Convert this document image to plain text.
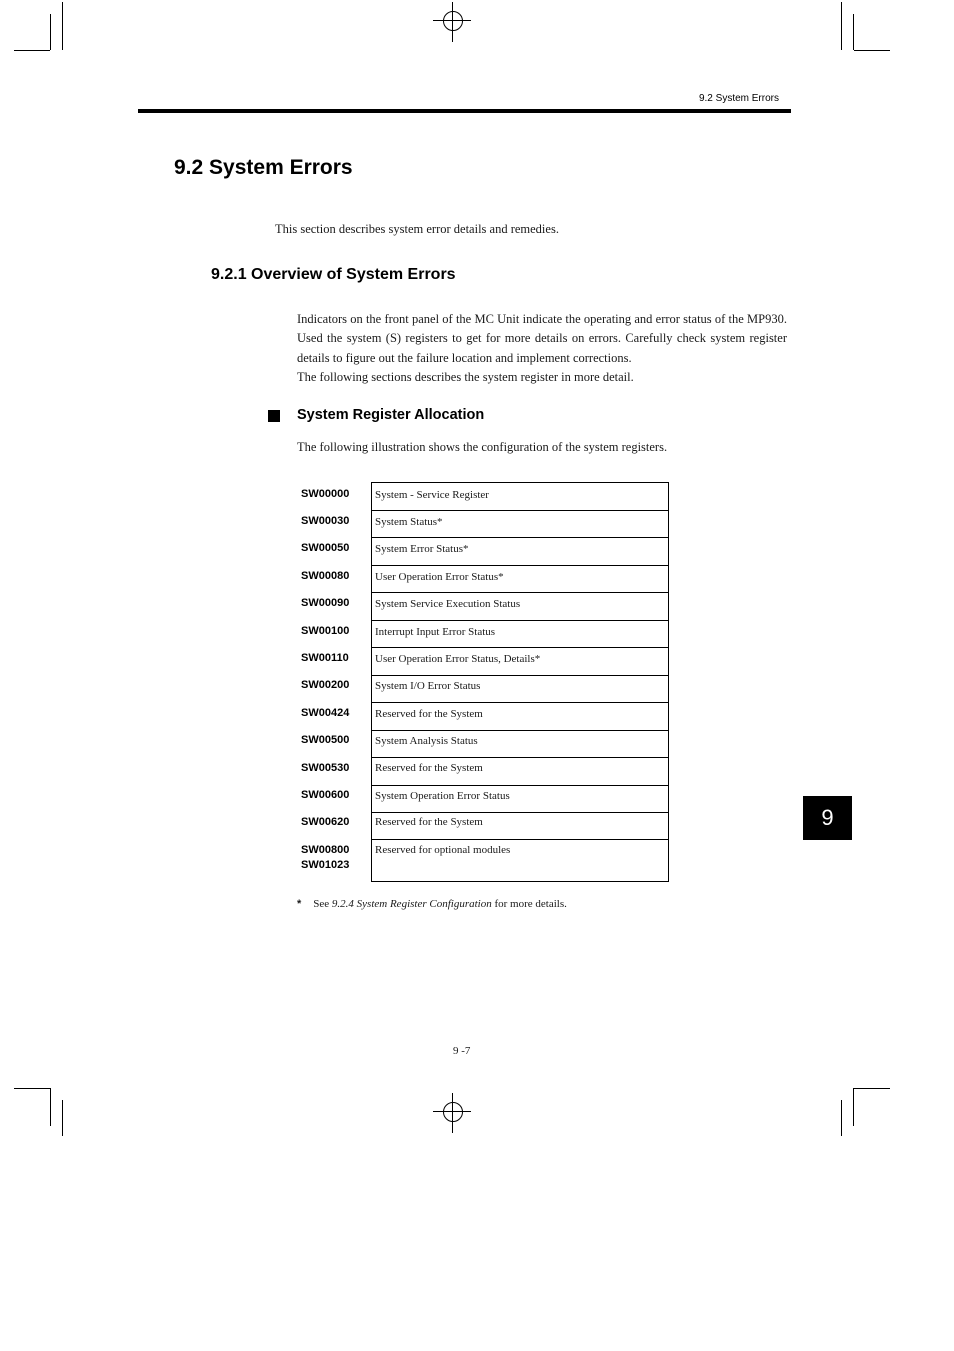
9.2 System Errors
9.2 System Errors
This section describes system error details and remedies.
9.2.1 Overview of System Errors

Indicators on the front panel of the MC Unit indicate the operating and error status of the MP930. Used the system (S) registers to get for more details on errors. Carefully check system register details to figure out the failure location and implement corrections.

The following sections describes the system register in more detail.

System Register Allocation
The following illustration shows the configuration of the system registers.
SW00000
SW00030
SW00050
SW00080
SW00090
SW00100
SW00110
SW00200
SW00424
SW00500
SW00530
SW00600
SW00620
SW00800
SW01023
System - Service Register
System Status*
System Error Status*
User Operation Error Status*
System Service Execution Status
Interrupt Input Error Status
User Operation Error Status, Details*
System I/O Error Status
Reserved for the System
System Analysis Status
Reserved for the System
System Operation Error Status
Reserved for the System
Reserved for optional modules
* See 9.2.4 System Register Configuration for more details.
9 -7
9
